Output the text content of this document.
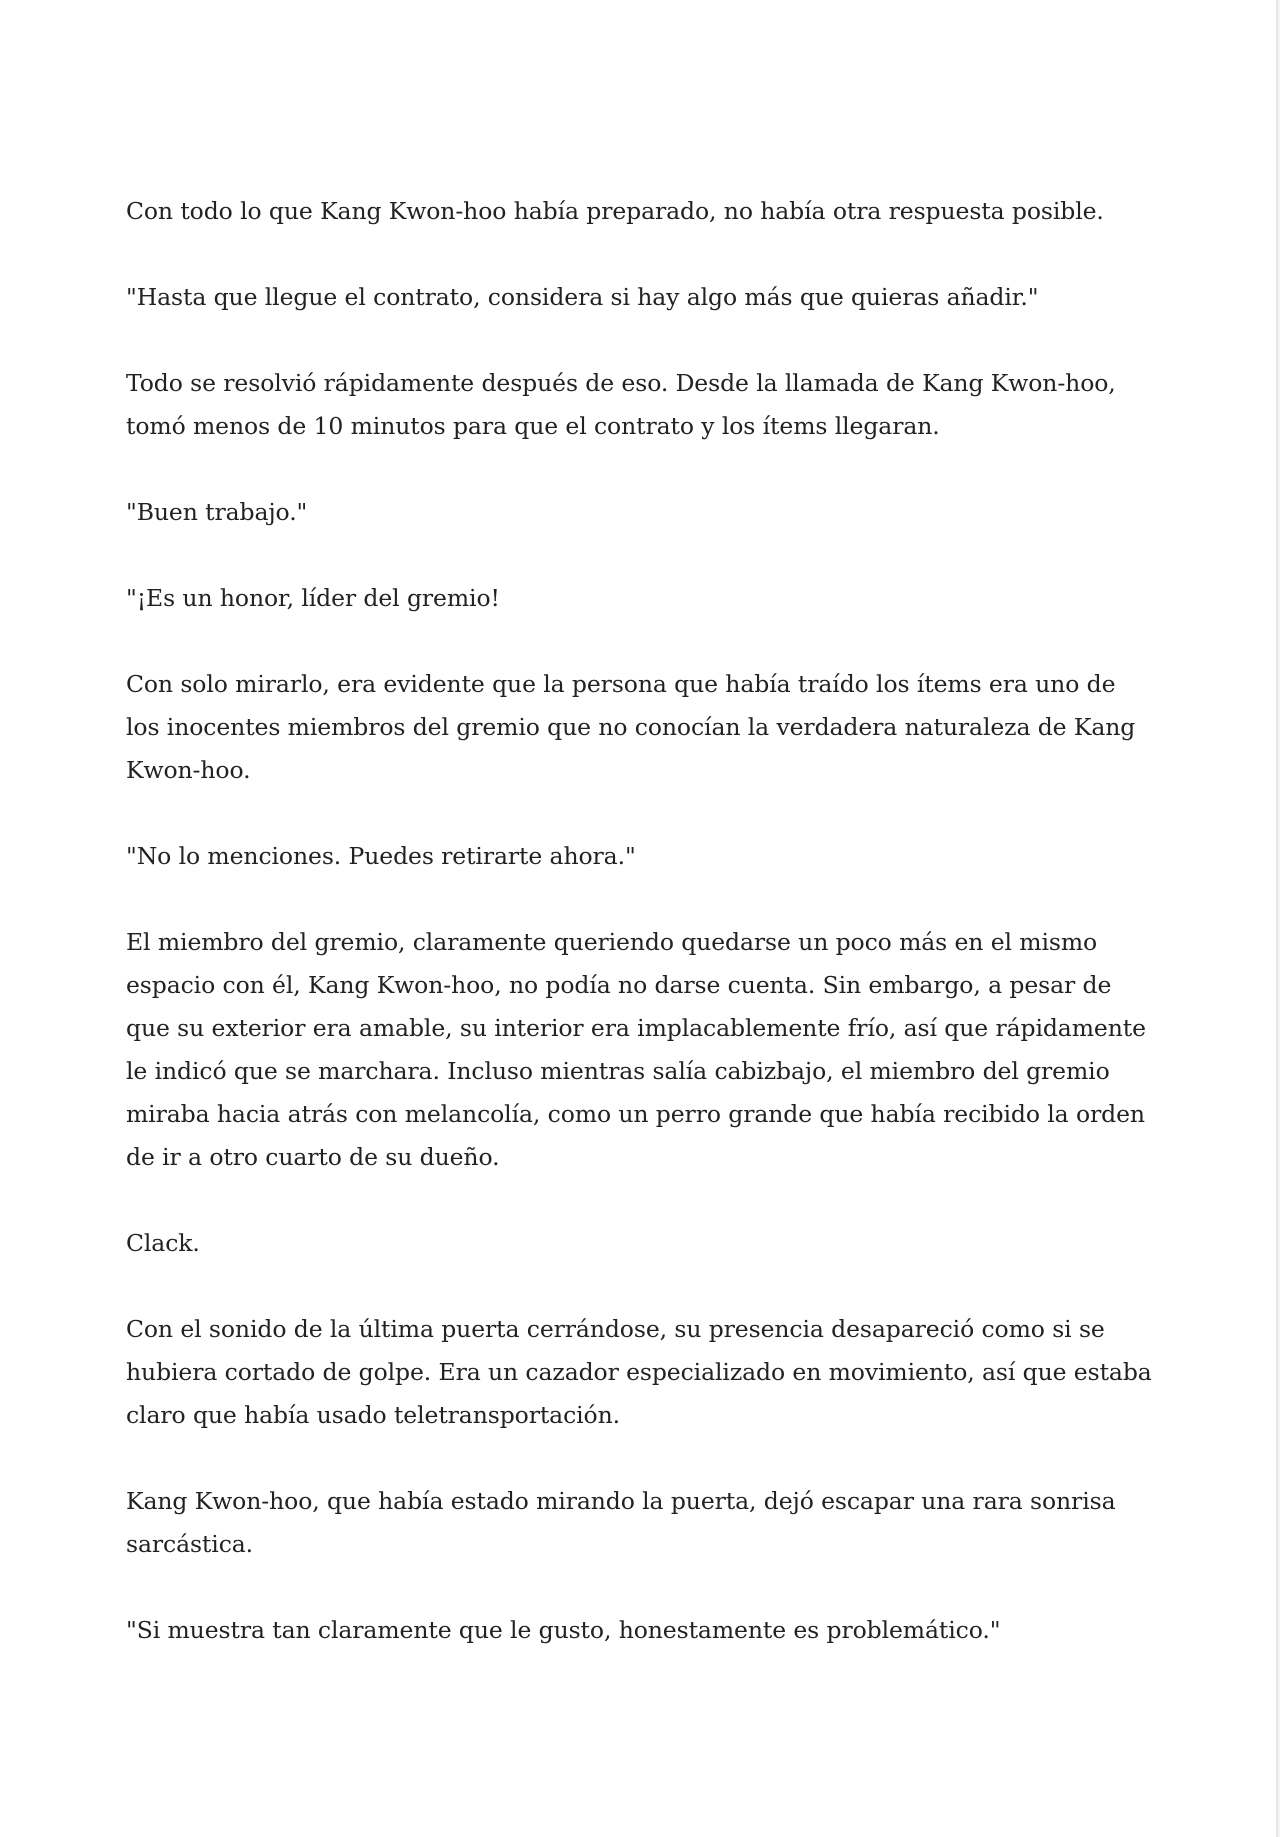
Con todo lo que Kang Kwon-hoo había preparado, no había otra respuesta posible.

"Hasta que llegue el contrato, considera si hay algo más que quieras añadir."

Todo se resolvió rápidamente después de eso. Desde la llamada de Kang Kwon-hoo, tomó menos de 10 minutos para que el contrato y los ítems llegaran.

"Buen trabajo."

"¡Es un honor, líder del gremio!

Con solo mirarlo, era evidente que la persona que había traído los ítems era uno de los inocentes miembros del gremio que no conocían la verdadera naturaleza de Kang Kwon-hoo.

"No lo menciones. Puedes retirarte ahora."

El miembro del gremio, claramente queriendo quedarse un poco más en el mismo espacio con él, Kang Kwon-hoo, no podía no darse cuenta. Sin embargo, a pesar de que su exterior era amable, su interior era implacablemente frío, así que rápidamente le indicó que se marchara. Incluso mientras salía cabizbajo, el miembro del gremio miraba hacia atrás con melancolía, como un perro grande que había recibido la orden de ir a otro cuarto de su dueño.

Clack.

Con el sonido de la última puerta cerrándose, su presencia desapareció como si se hubiera cortado de golpe. Era un cazador especializado en movimiento, así que estaba claro que había usado teletransportación.

Kang Kwon-hoo, que había estado mirando la puerta, dejó escapar una rara sonrisa sarcástica.

"Si muestra tan claramente que le gusto, honestamente es problemático."
